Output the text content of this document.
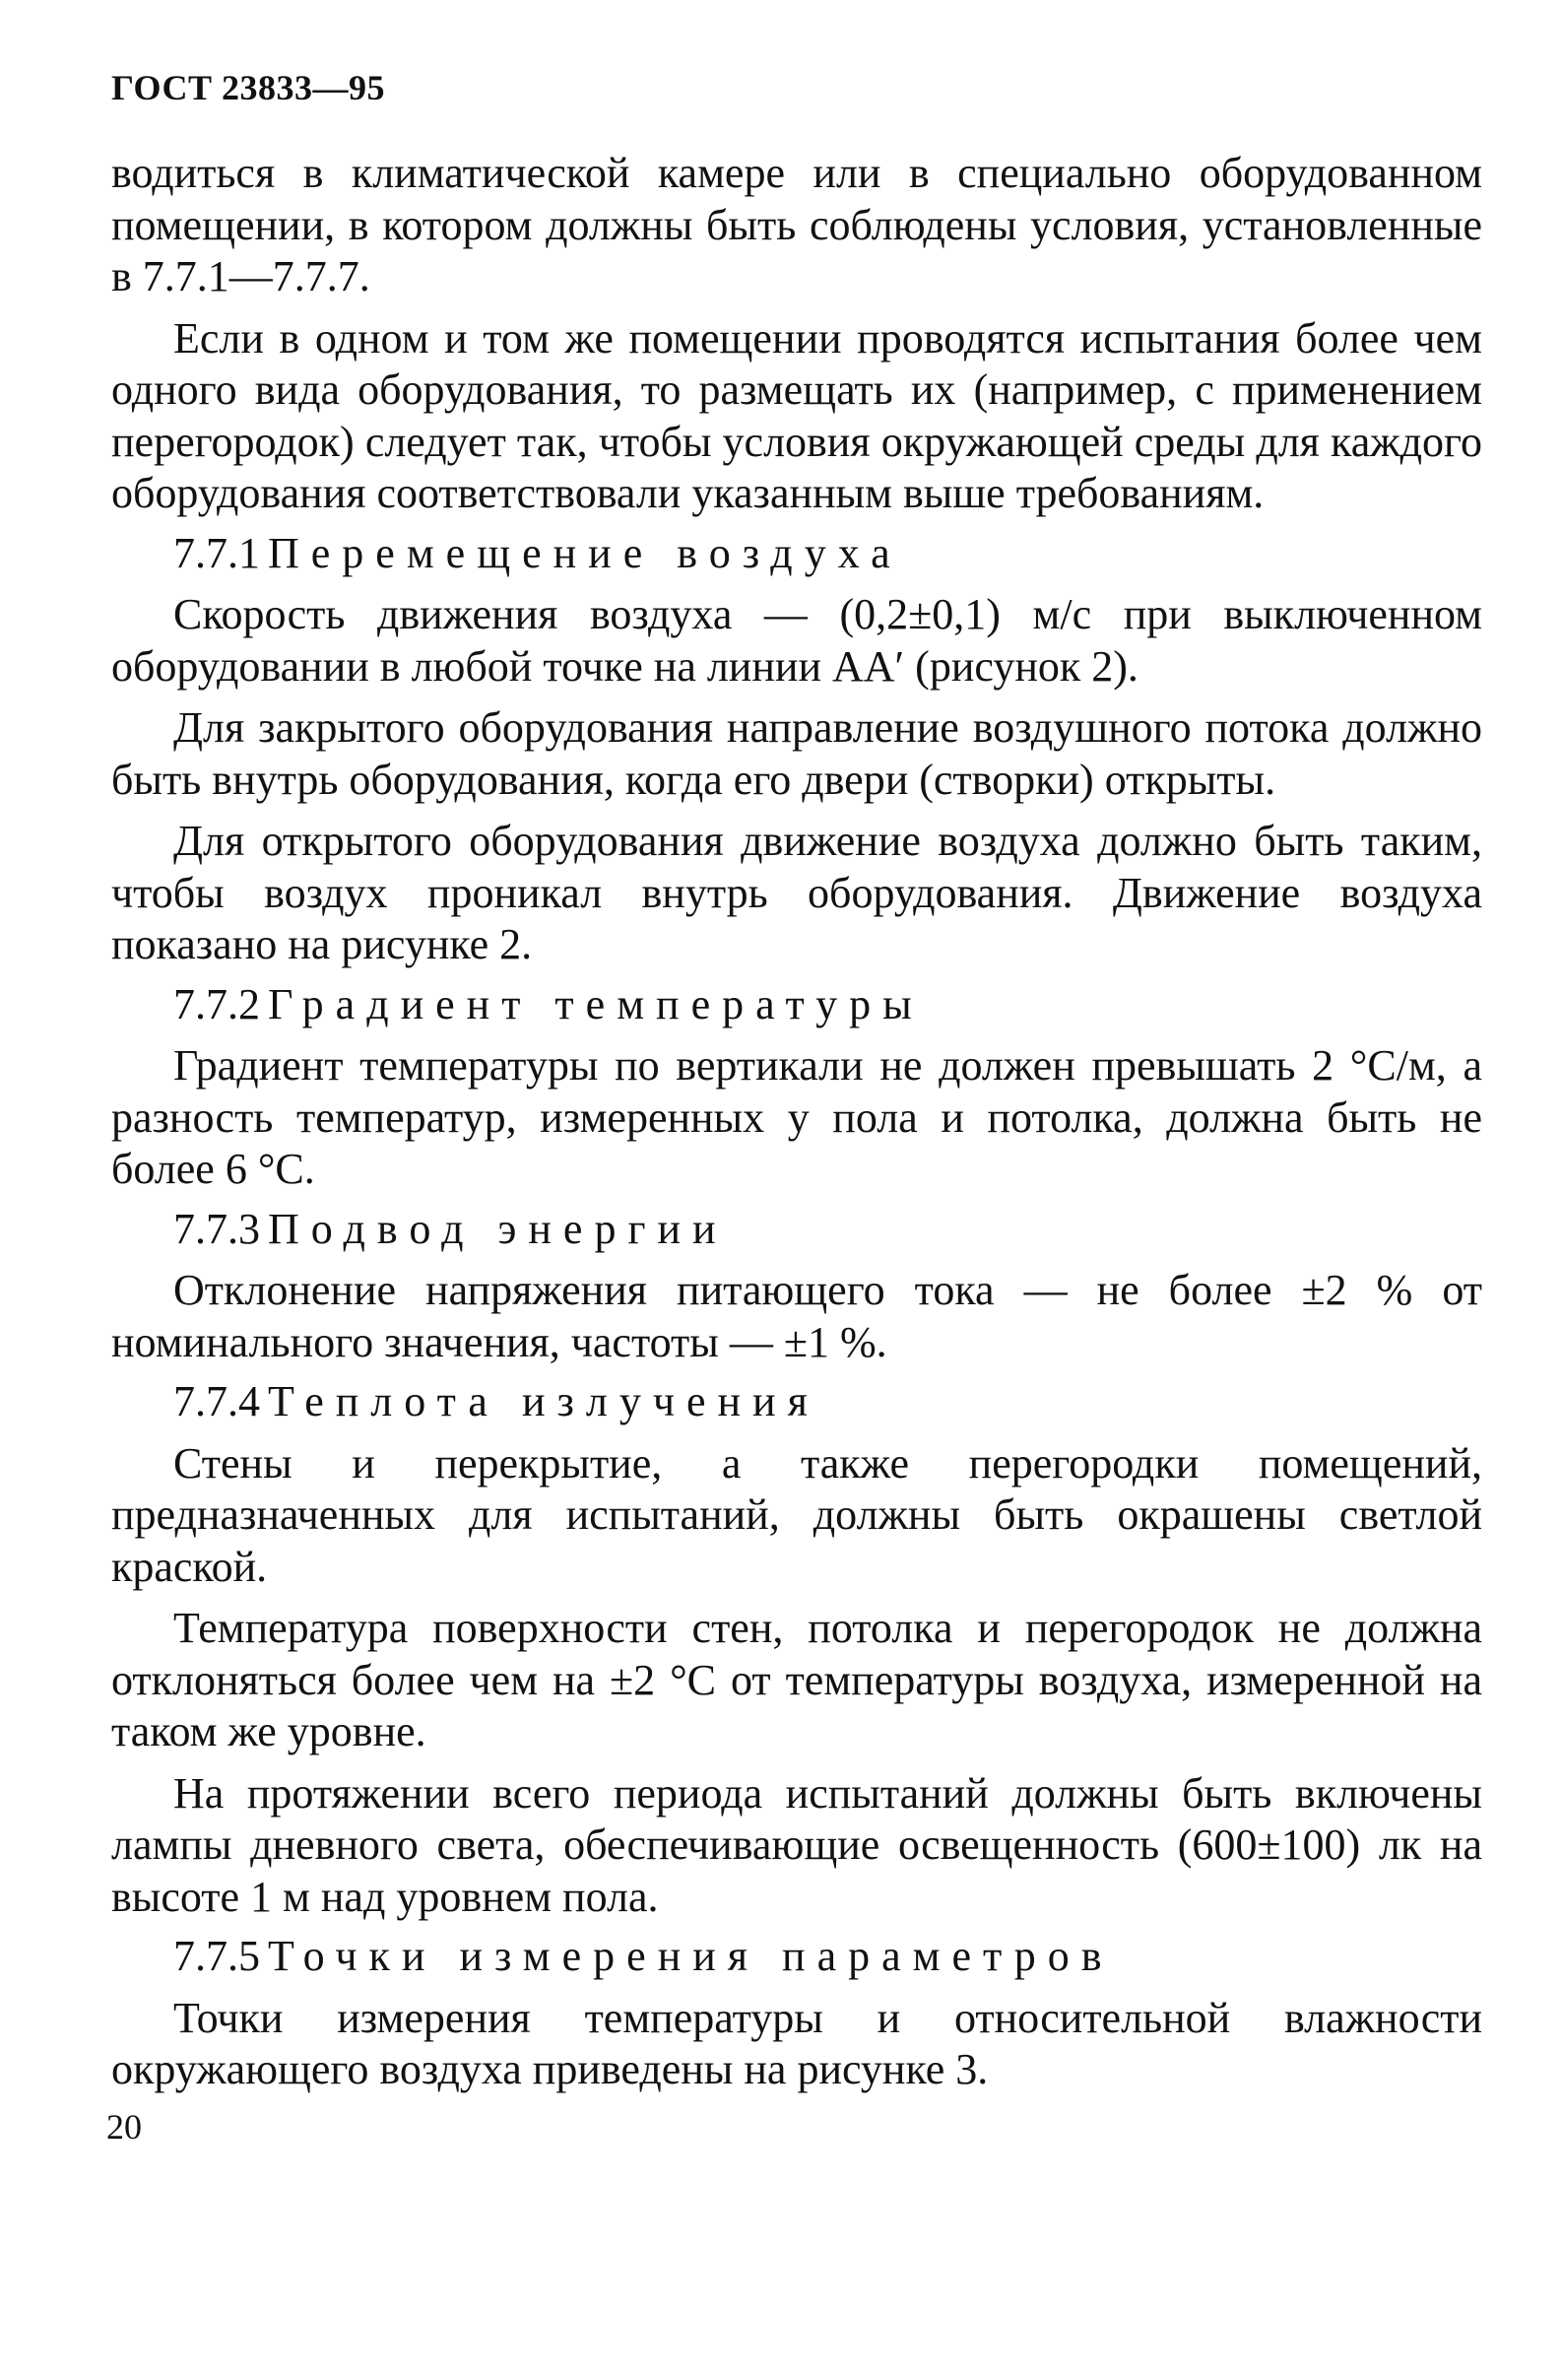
ГОСТ 23833—95

водиться в климатической камере или в специально оборудованном помещении, в котором должны быть соблюдены условия, установленные в 7.7.1—7.7.7.

Если в одном и том же помещении проводятся испытания более чем одного вида оборудования, то размещать их (например, с применением перегородок) следует так, чтобы условия окружающей среды для каждого оборудования соответствовали указанным выше требованиям.

7.7.1 Перемещение воздуха

Скорость движения воздуха — (0,2±0,1) м/с при выключенном оборудовании в любой точке на линии АА′ (рисунок 2).

Для закрытого оборудования направление воздушного потока должно быть внутрь оборудования, когда его двери (створки) открыты.

Для открытого оборудования движение воздуха должно быть таким, чтобы воздух проникал внутрь оборудования. Движение воздуха показано на рисунке 2.

7.7.2 Градиент температуры

Градиент температуры по вертикали не должен превышать 2 °С/м, а разность температур, измеренных у пола и потолка, должна быть не более 6 °С.

7.7.3 Подвод энергии

Отклонение напряжения питающего тока — не более ±2 % от номинального значения, частоты — ±1 %.

7.7.4 Теплота излучения

Стены и перекрытие, а также перегородки помещений, предназначенных для испытаний, должны быть окрашены светлой краской.

Температура поверхности стен, потолка и перегородок не должна отклоняться более чем на ±2 °С от температуры воздуха, измеренной на таком же уровне.

На протяжении всего периода испытаний должны быть включены лампы дневного света, обеспечивающие освещенность (600±100) лк на высоте 1 м над уровнем пола.

7.7.5 Точки измерения параметров

Точки измерения температуры и относительной влажности окружающего воздуха приведены на рисунке 3.

20
